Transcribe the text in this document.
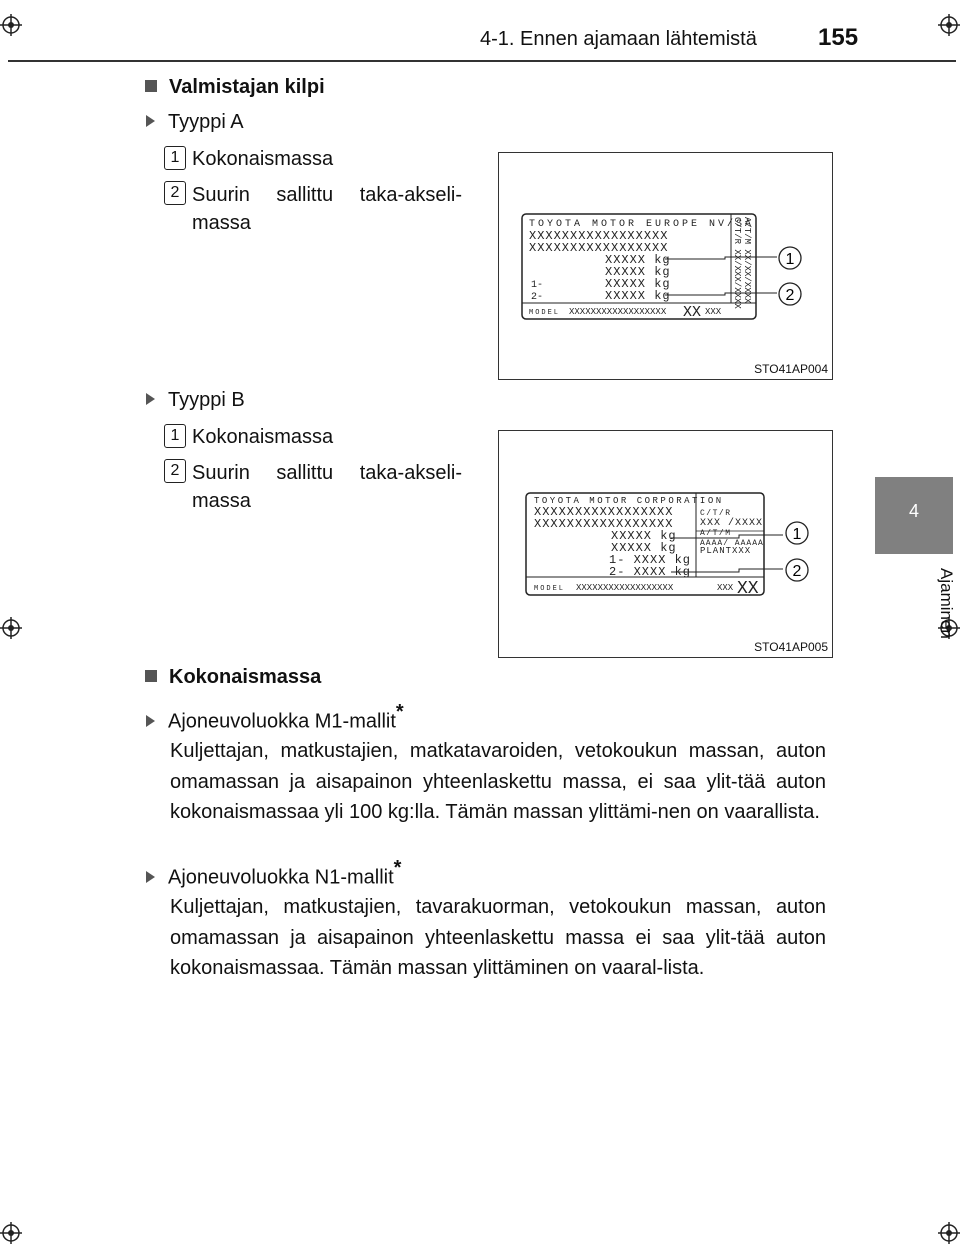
4-1. Ennen ajamaan lähtemistä	155
4
Ajaminen
Valmistajan kilpi
Tyyppi A
1 Kokonaismassa
2 Suurin sallittu taka-akseli-
massa	TOYOTA MOTOR EUROPE NV/SA
XXXXXXXXXXXXXXXXX
XXXXXXXXXXXXXXXXX
XXXXX kg
XXXXX kg
1-	XXXXX kg
2-	XXXXX kg
MODEL XXXXXXXXXXXXXXXXXX XX XXX
C/T/R XX/XXX/XXXX A/T/M XX/XX/XXXX 1
2
STO41AP004
Tyyppi B
1 Kokonaismassa
2 Suurin sallittu taka-akseli-
massa	TOYOTA MOTOR CORPORATION
XXXXXXXXXXXXXXXXX
XXXXXXXXXXXXXXXXX
XXXXX kg
XXXXX kg
1- XXXX kg
2- XXXX kg
C/T/R
XXX /XXXX
A/T/M
AAAA/ AAAAA
PLANTXXX
MODEL XXXXXXXXXXXXXXXXXX	XXX XX
1
2
STO41AP005
Kokonaismassa
Ajoneuvoluokka M1-mallit*
Kuljettajan, matkustajien, matkatavaroiden, vetokoukun massan, auton omamassan ja aisapainon yhteenlaskettu massa, ei saa ylit-tää auton kokonaismassaa yli 100 kg:lla. Tämän massan ylittämi-nen on vaarallista.
Ajoneuvoluokka N1-mallit*
Kuljettajan, matkustajien, tavarakuorman, vetokoukun massan, auton omamassan ja aisapainon yhteenlaskettu massa ei saa ylit-tää auton kokonaismassaa. Tämän massan ylittäminen on vaaral-lista.
